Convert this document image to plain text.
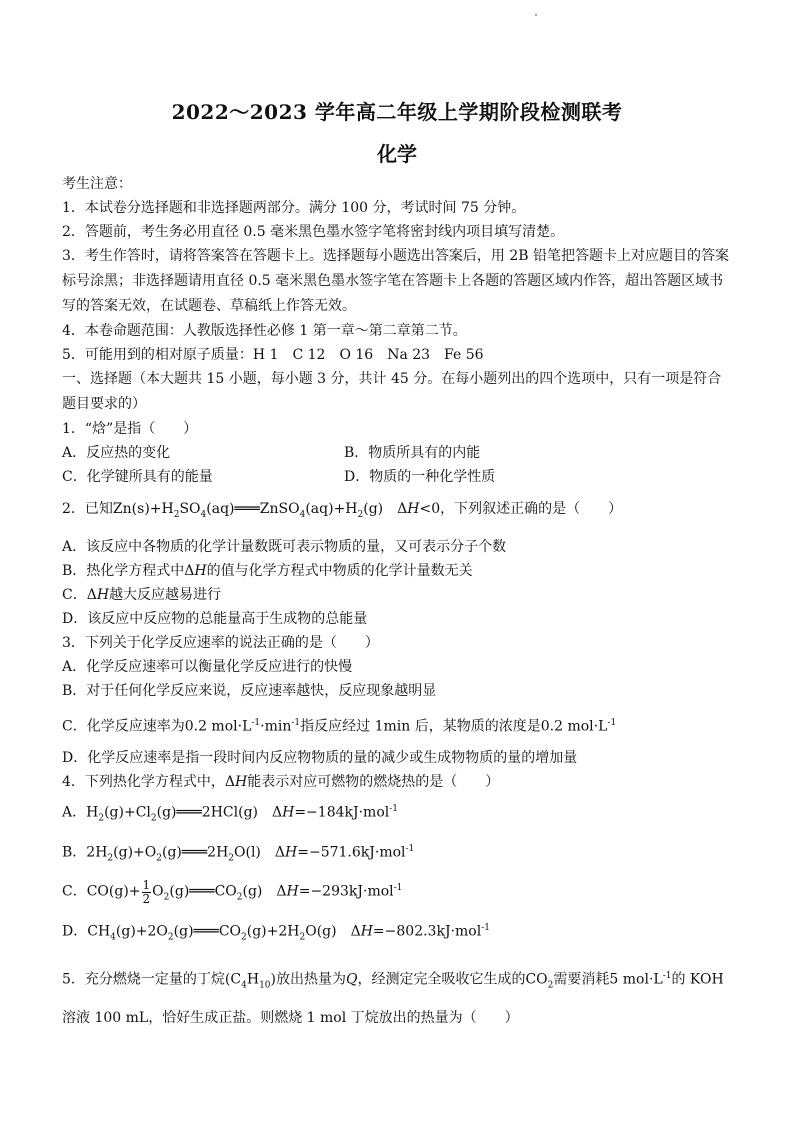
2022～2023 学年高二年级上学期阶段检测联考
化学

考生注意：

1．本试卷分选择题和非选择题两部分。满分 100 分，考试时间 75 分钟。

2．答题前，考生务必用直径 0.5 毫米黑色墨水签字笔将密封线内项目填写清楚。

3．考生作答时，请将答案答在答题卡上。选择题每小题选出答案后，用 2B 铅笔把答题卡上对应题目的答案标号涂黑；非选择题请用直径 0.5 毫米黑色墨水签字笔在答题卡上各题的答题区域内作答，超出答题区域书写的答案无效，在试题卷、草稿纸上作答无效。

4．本卷命题范围：人教版选择性必修 1 第一章～第二章第二节。

5．可能用到的相对原子质量：H 1　C 12　O 16　Na 23　Fe 56

一、选择题（本大题共 15 小题，每小题 3 分，共计 45 分。在每小题列出的四个选项中，只有一项是符合题目要求的）

1．“焓”是指（　　）

A．反应热的变化	B．物质所具有的内能
C．化学键所具有的能量	D．物质的一种化学性质

2．已知$Zn(s)+H_2SO_4(aq)═══ZnSO_4(aq)+H_2(g)$　ΔH<0，下列叙述正确的是（　　）

A．该反应中各物质的化学计量数既可表示物质的量，又可表示分子个数

B．热化学方程式中ΔH的值与化学方程式中物质的化学计量数无关

C．ΔH越大反应越易进行

D．该反应中反应物的总能量高于生成物的总能量

3．下列关于化学反应速率的说法正确的是（　　）

A．化学反应速率可以衡量化学反应进行的快慢

B．对于任何化学反应来说，反应速率越快，反应现象越明显

C．化学反应速率为0.2 $mol\cdot L^{-1}\cdot\min^{-1}$指反应经过 1min 后，某物质的浓度是0.2 $mol\cdot L^{-1}$

D．化学反应速率是指一段时间内反应物物质的量的减少或生成物物质的量的增加量

4．下列热化学方程式中，ΔH能表示对应可燃物的燃烧热的是（　　）

A．$H_2(g)+Cl_2(g)═══2HCl(g)$　ΔH=−184kJ·mol$^{-1}$

B．$2H_2(g)+O_2(g)═══2H_2O(l)$　ΔH=−571.6kJ·mol$^{-1}$

C．$CO(g)+ \frac{1}{2}$ $O_2(g)═══CO_2(g)$　ΔH=−293kJ·mol$^{-1}$

D．$CH_4(g)+2O_2(g)═══CO_2(g)+2H_2O(g)$　ΔH=−802.3kJ·mol$^{-1}$

5．充分燃烧一定量的丁烷$(C_4H_{10})$放出热量为Q，经测定完全吸收它生成的$CO_2$需要消耗5 $mol\cdot L^{-1}$的 KOH

溶液 100 mL，恰好生成正盐。则燃烧 1 mol 丁烷放出的热量为（　　）
